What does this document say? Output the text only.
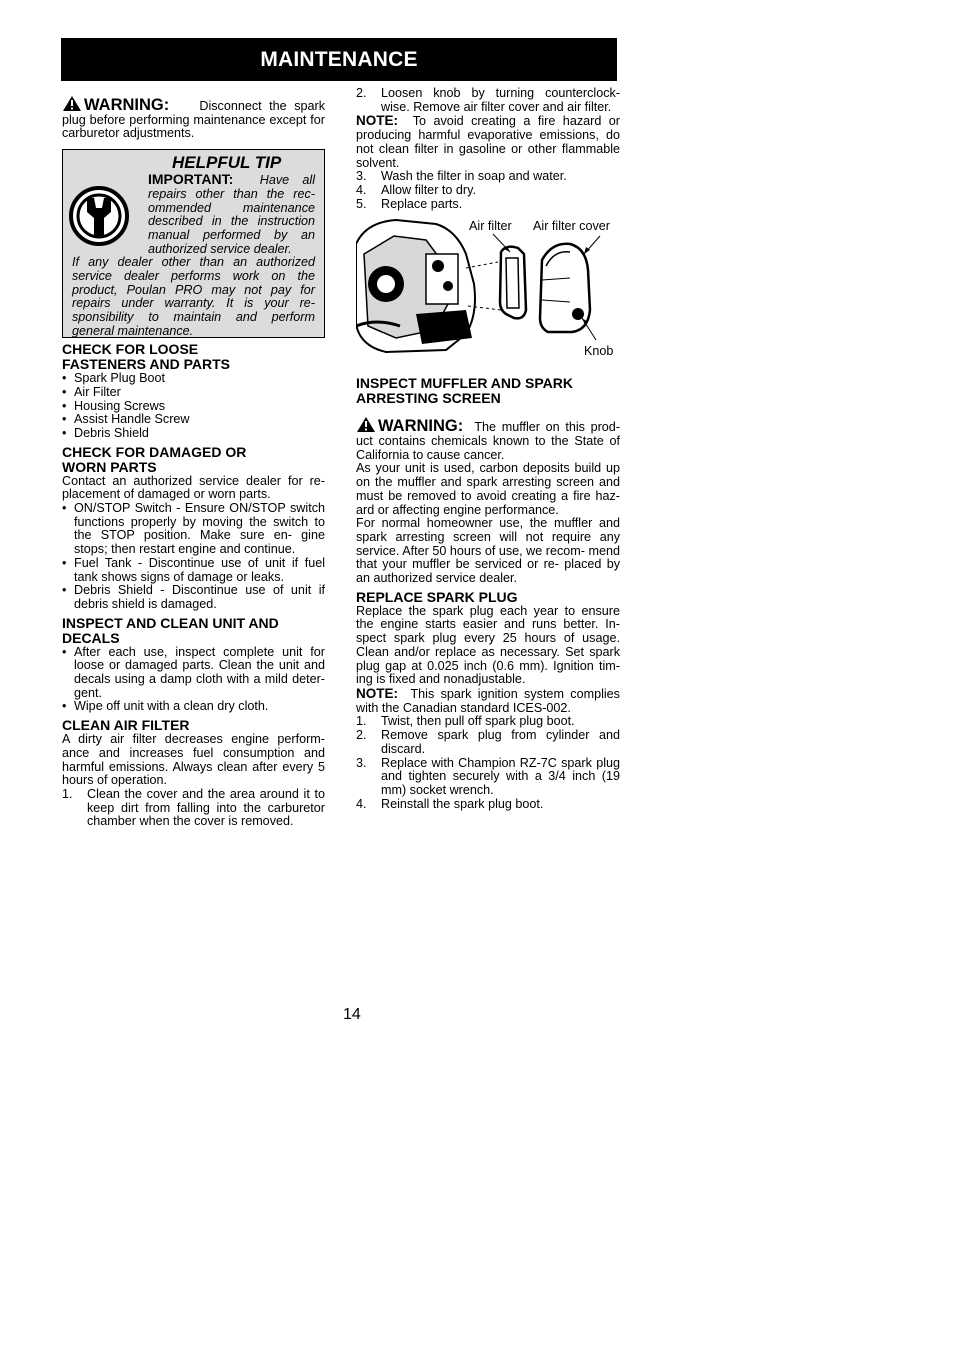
MAINTENANCE

WARNING: Disconnect the spark plug before performing maintenance except for carburetor adjustments.

HELPFUL TIP
IMPORTANT: Have all repairs other than the rec- ommended maintenance described in the instruction manual performed by an authorized service dealer.
If any dealer other than an authorized service dealer performs work on the product, Poulan PRO may not pay for repairs under warranty. It is your re- sponsibility to maintain and perform general maintenance.
CHECK FOR LOOSE
FASTENERS AND PARTS
• Spark Plug Boot
• Air Filter
• Housing Screws
• Assist Handle Screw
• Debris Shield
CHECK FOR DAMAGED OR
WORN PARTS

Contact an authorized service dealer for re- placement of damaged or worn parts.

• ON/STOP Switch - Ensure ON/STOP switch functions properly by moving the switch to the STOP position. Make sure en- gine stops; then restart engine and continue.
• Fuel Tank - Discontinue use of unit if fuel tank shows signs of damage or leaks.
• Debris Shield - Discontinue use of unit if debris shield is damaged.
INSPECT AND CLEAN UNIT AND
DECALS
• After each use, inspect complete unit for loose or damaged parts. Clean the unit and decals using a damp cloth with a mild deter- gent.
• Wipe off unit with a clean dry cloth.
CLEAN AIR FILTER

A dirty air filter decreases engine perform- ance and increases fuel consumption and harmful emissions. Always clean after every 5 hours of operation.

1. Clean the cover and the area around it to keep dirt from falling into the carburetor chamber when the cover is removed.
2. Loosen knob by turning counterclock- wise. Remove air filter cover and air filter.

NOTE: To avoid creating a fire hazard or producing harmful evaporative emissions, do not clean filter in gasoline or other flammable solvent.

3. Wash the filter in soap and water.
4. Allow filter to dry.
5. Replace parts.
Air filter Air filter cover
Knob
INSPECT MUFFLER AND SPARK
ARRESTING SCREEN

WARNING: The muffler on this prod- uct contains chemicals known to the State of California to cause cancer.

As your unit is used, carbon deposits build up on the muffler and spark arresting screen and must be removed to avoid creating a fire haz- ard or affecting engine performance.

For normal homeowner use, the muffler and spark arresting screen will not require any service. After 50 hours of use, we recom- mend that your muffler be serviced or re- placed by an authorized service dealer.

REPLACE SPARK PLUG

Replace the spark plug each year to ensure the engine starts easier and runs better. In- spect spark plug every 25 hours of usage. Clean and/or replace as necessary. Set spark plug gap at 0.025 inch (0.6 mm). Ignition tim- ing is fixed and nonadjustable.

NOTE: This spark ignition system complies with the Canadian standard ICES-002.

1. Twist, then pull off spark plug boot.
2. Remove spark plug from cylinder and discard.
3. Replace with Champion RZ-7C spark plug and tighten securely with a 3/4 inch (19 mm) socket wrench.
4. Reinstall the spark plug boot.
14
